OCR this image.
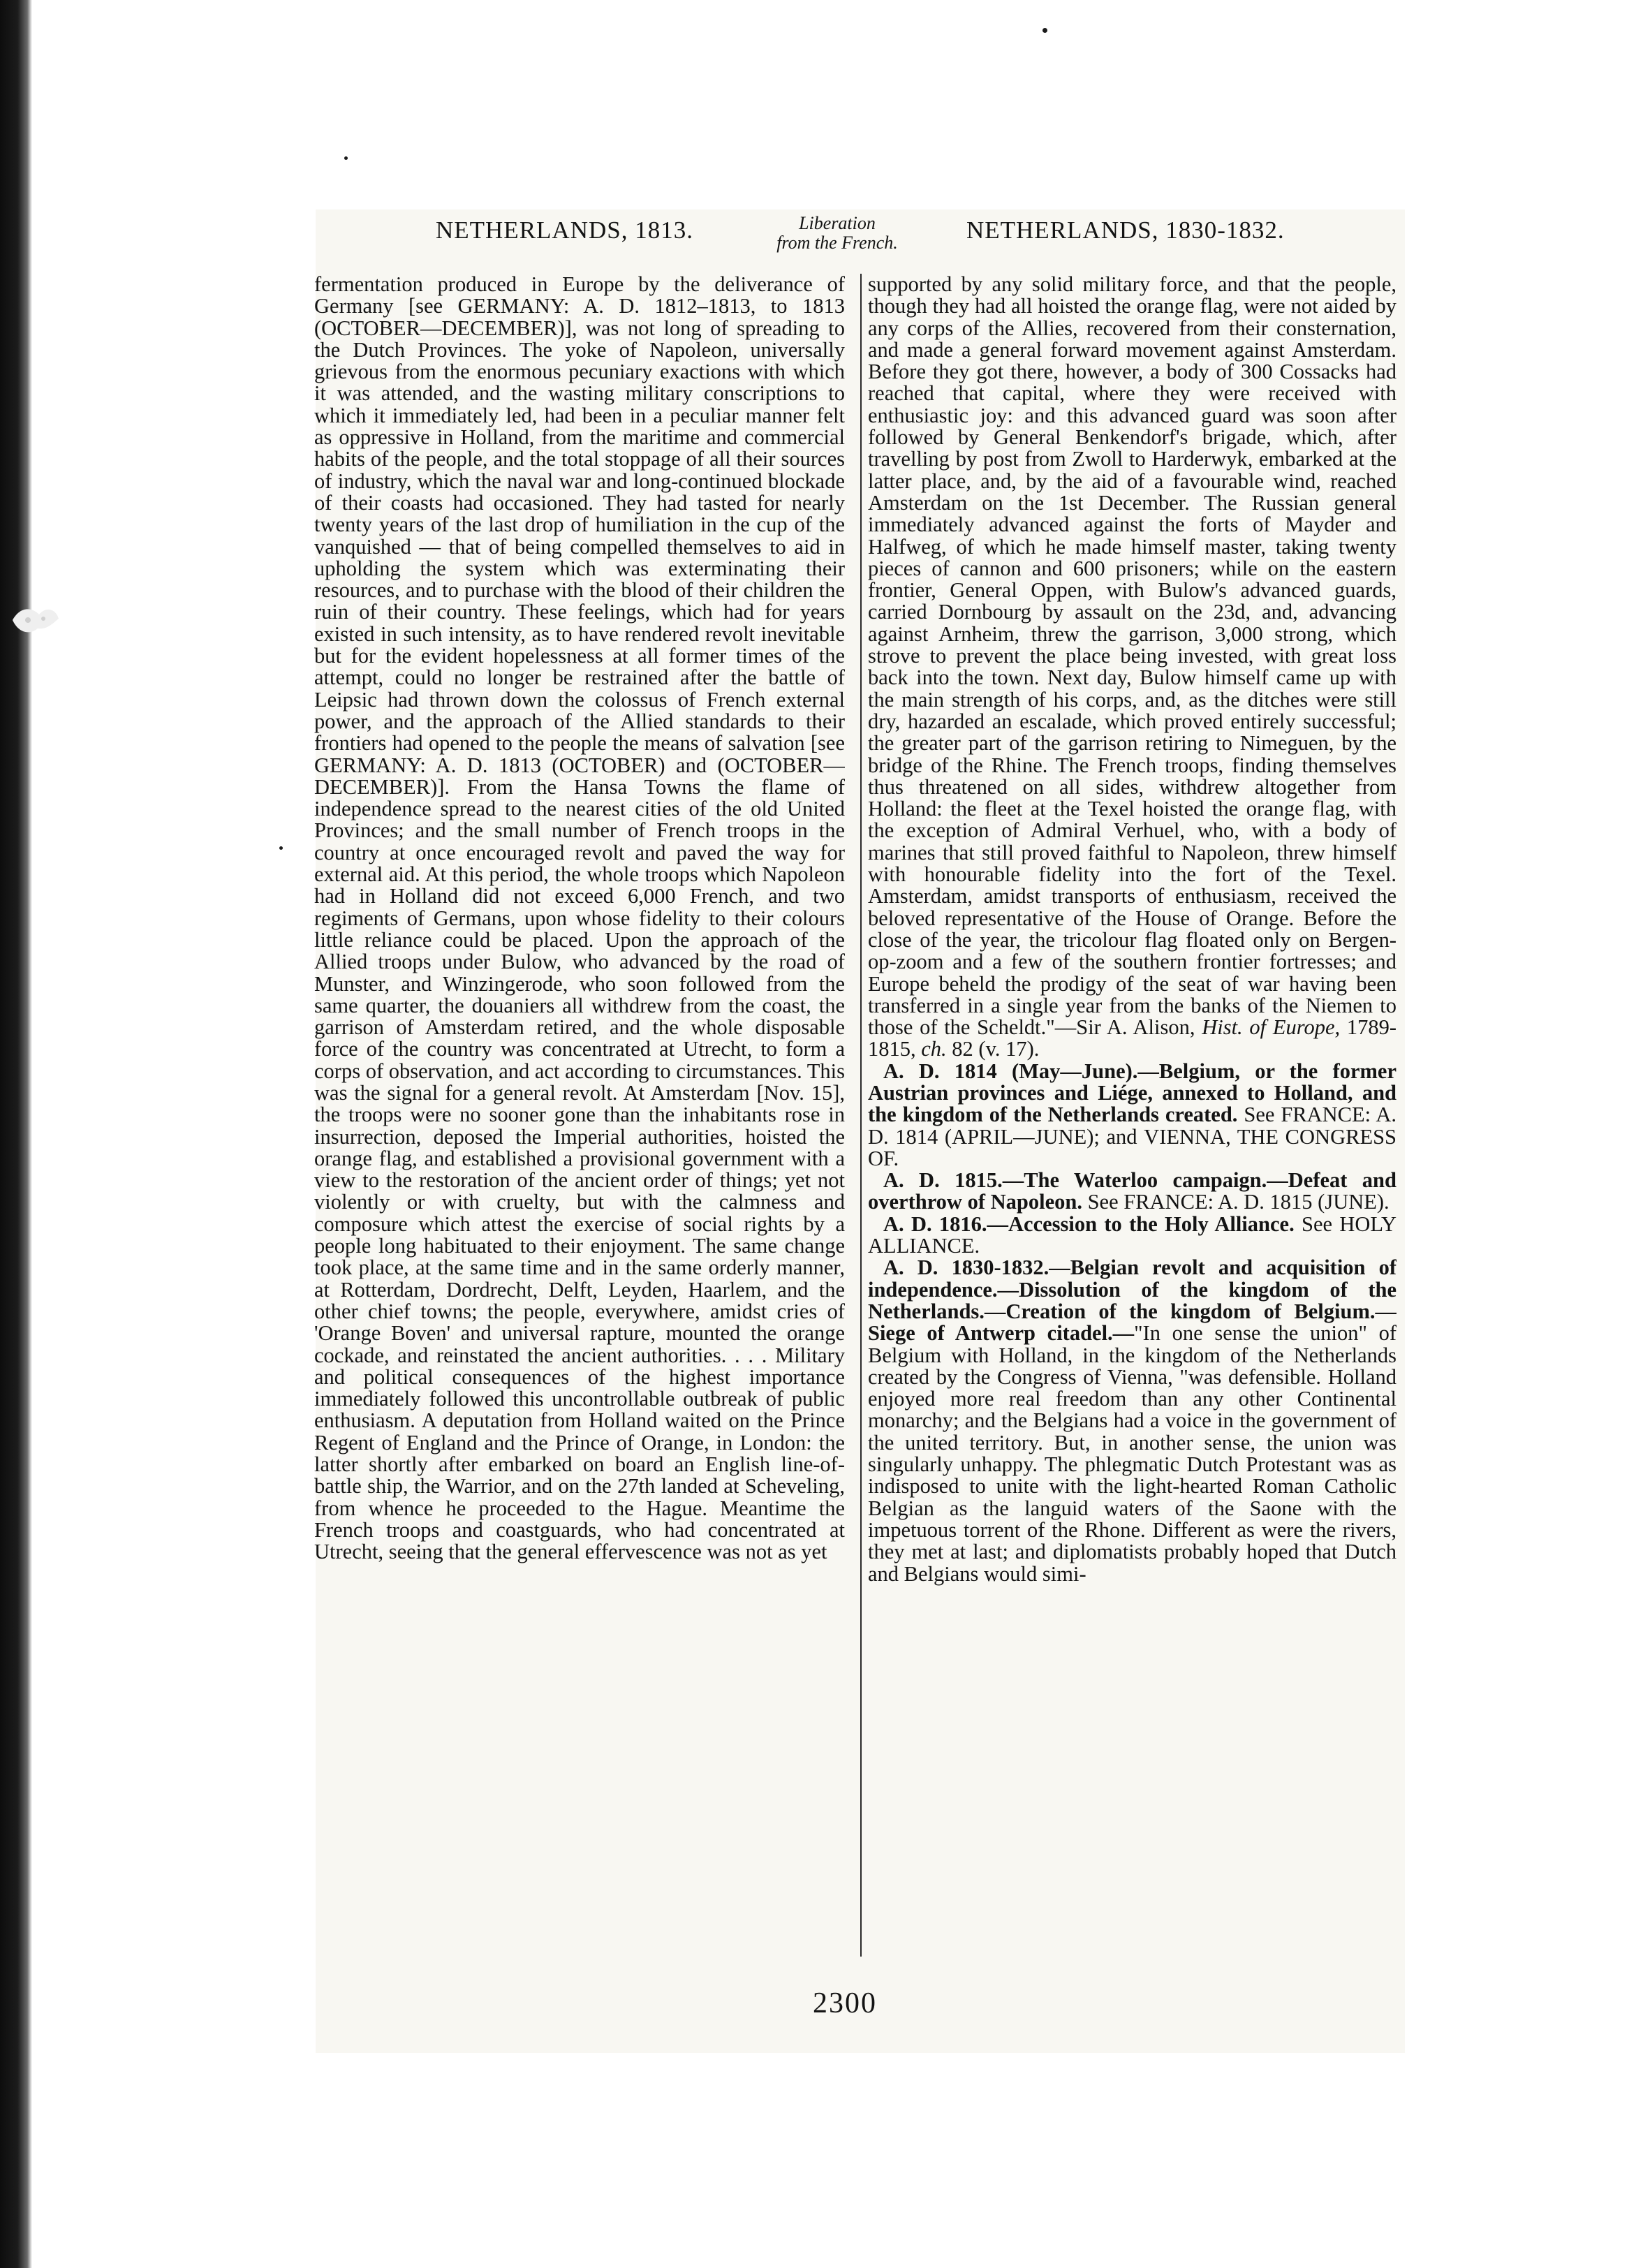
NETHERLANDS, 1813.	Liberation
from the French.	NETHERLANDS, 1830-1832.

fermentation produced in Europe by the deliverance of Germany [see GERMANY: A. D. 1812–1813, to 1813 (OCTOBER—DECEMBER)], was not long of spreading to the Dutch Provinces. The yoke of Napoleon, universally grievous from the enormous pecuniary exactions with which it was attended, and the wasting military conscriptions to which it immediately led, had been in a peculiar manner felt as oppressive in Holland, from the maritime and commercial habits of the people, and the total stoppage of all their sources of industry, which the naval war and long-continued blockade of their coasts had occasioned. They had tasted for nearly twenty years of the last drop of humiliation in the cup of the vanquished — that of being compelled themselves to aid in upholding the system which was exterminating their resources, and to purchase with the blood of their children the ruin of their country. These feelings, which had for years existed in such intensity, as to have rendered revolt inevitable but for the evident hopelessness at all former times of the attempt, could no longer be restrained after the battle of Leipsic had thrown down the colossus of French external power, and the approach of the Allied standards to their frontiers had opened to the people the means of salvation [see GERMANY: A. D. 1813 (OCTOBER) and (OCTOBER—DECEMBER)]. From the Hansa Towns the flame of independence spread to the nearest cities of the old United Provinces; and the small number of French troops in the country at once encouraged revolt and paved the way for external aid. At this period, the whole troops which Napoleon had in Holland did not exceed 6,000 French, and two regiments of Germans, upon whose fidelity to their colours little reliance could be placed. Upon the approach of the Allied troops under Bulow, who advanced by the road of Munster, and Winzingerode, who soon followed from the same quarter, the douaniers all withdrew from the coast, the garrison of Amsterdam retired, and the whole disposable force of the country was concentrated at Utrecht, to form a corps of observation, and act according to circumstances. This was the signal for a general revolt. At Amsterdam [Nov. 15], the troops were no sooner gone than the inhabitants rose in insurrection, deposed the Imperial authorities, hoisted the orange flag, and established a provisional government with a view to the restoration of the ancient order of things; yet not violently or with cruelty, but with the calmness and composure which attest the exercise of social rights by a people long habituated to their enjoyment. The same change took place, at the same time and in the same orderly manner, at Rotterdam, Dordrecht, Delft, Leyden, Haarlem, and the other chief towns; the people, everywhere, amidst cries of 'Orange Boven' and universal rapture, mounted the orange cockade, and reinstated the ancient authorities. . . . Military and political consequences of the highest importance immediately followed this uncontrollable outbreak of public enthusiasm. A deputation from Holland waited on the Prince Regent of England and the Prince of Orange, in London: the latter shortly after embarked on board an English line-of-battle ship, the Warrior, and on the 27th landed at Scheveling, from whence he proceeded to the Hague. Meantime the French troops and coastguards, who had concentrated at Utrecht, seeing that the general effervescence was not as yet

supported by any solid military force, and that the people, though they had all hoisted the orange flag, were not aided by any corps of the Allies, recovered from their consternation, and made a general forward movement against Amsterdam. Before they got there, however, a body of 300 Cossacks had reached that capital, where they were received with enthusiastic joy: and this advanced guard was soon after followed by General Benkendorf's brigade, which, after travelling by post from Zwoll to Harderwyk, embarked at the latter place, and, by the aid of a favourable wind, reached Amsterdam on the 1st December. The Russian general immediately advanced against the forts of Mayder and Halfweg, of which he made himself master, taking twenty pieces of cannon and 600 prisoners; while on the eastern frontier, General Oppen, with Bulow's advanced guards, carried Dornbourg by assault on the 23d, and, advancing against Arnheim, threw the garrison, 3,000 strong, which strove to prevent the place being invested, with great loss back into the town. Next day, Bulow himself came up with the main strength of his corps, and, as the ditches were still dry, hazarded an escalade, which proved entirely successful; the greater part of the garrison retiring to Nimeguen, by the bridge of the Rhine. The French troops, finding themselves thus threatened on all sides, withdrew altogether from Holland: the fleet at the Texel hoisted the orange flag, with the exception of Admiral Verhuel, who, with a body of marines that still proved faithful to Napoleon, threw himself with honourable fidelity into the fort of the Texel. Amsterdam, amidst transports of enthusiasm, received the beloved representative of the House of Orange. Before the close of the year, the tricolour flag floated only on Bergen-op-zoom and a few of the southern frontier fortresses; and Europe beheld the prodigy of the seat of war having been transferred in a single year from the banks of the Niemen to those of the Scheldt."—Sir A. Alison, Hist. of Europe, 1789-1815, ch. 82 (v. 17).

A. D. 1814 (May—June).—Belgium, or the former Austrian provinces and Liége, annexed to Holland, and the kingdom of the Netherlands created. See FRANCE: A. D. 1814 (APRIL—JUNE); and VIENNA, THE CONGRESS OF.

A. D. 1815.—The Waterloo campaign.—Defeat and overthrow of Napoleon. See FRANCE: A. D. 1815 (JUNE).

A. D. 1816.—Accession to the Holy Alliance. See HOLY ALLIANCE.

A. D. 1830-1832.—Belgian revolt and acquisition of independence.—Dissolution of the kingdom of the Netherlands.—Creation of the kingdom of Belgium.—Siege of Antwerp citadel.—"In one sense the union" of Belgium with Holland, in the kingdom of the Netherlands created by the Congress of Vienna, "was defensible. Holland enjoyed more real freedom than any other Continental monarchy; and the Belgians had a voice in the government of the united territory. But, in another sense, the union was singularly unhappy. The phlegmatic Dutch Protestant was as indisposed to unite with the light-hearted Roman Catholic Belgian as the languid waters of the Saone with the impetuous torrent of the Rhone. Different as were the rivers, they met at last; and diplomatists probably hoped that Dutch and Belgians would simi-

2300
